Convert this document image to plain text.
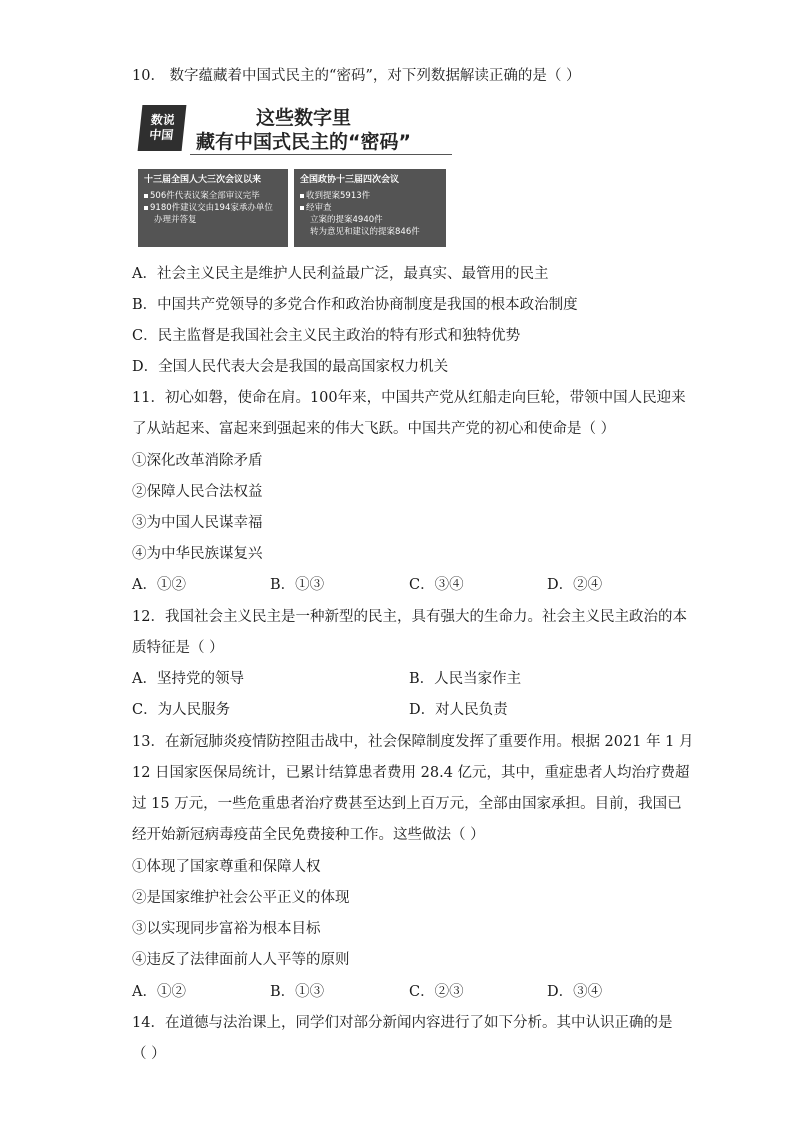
10． 数字蕴藏着中国式民主的“密码”，对下列数据解读正确的是（ ）
数说
中国
这些数字里
藏有中国式民主的“密码”
十三届全国人大三次会议以来
506件代表议案全部审议完毕
9180件建议交由194家承办单位
办理并答复
全国政协十三届四次会议
收到提案5913件
经审查
立案的提案4940件
转为意见和建议的提案846件
A．社会主义民主是维护人民利益最广泛，最真实、最管用的民主
B．中国共产党领导的多党合作和政治协商制度是我国的根本政治制度
C．民主监督是我国社会主义民主政治的特有形式和独特优势
D．全国人民代表大会是我国的最高国家权力机关
11．初心如磐，使命在肩。100年来，中国共产党从红船走向巨轮，带领中国人民迎来
了从站起来、富起来到强起来的伟大飞跃。中国共产党的初心和使命是（ ）
①深化改革消除矛盾
②保障人民合法权益
③为中国人民谋幸福
④为中华民族谋复兴
A．①②	B．①③	C．③④	D．②④
12．我国社会主义民主是一种新型的民主，具有强大的生命力。社会主义民主政治的本
质特征是（ ）
A．坚持党的领导	B．人民当家作主
C．为人民服务	D．对人民负责
13．在新冠肺炎疫情防控阻击战中，社会保障制度发挥了重要作用。根据 2021 年 1 月
12 日国家医保局统计，已累计结算患者费用 28.4 亿元，其中，重症患者人均治疗费超
过 15 万元，一些危重患者治疗费甚至达到上百万元，全部由国家承担。目前，我国已
经开始新冠病毒疫苗全民免费接种工作。这些做法（ ）
①体现了国家尊重和保障人权
②是国家维护社会公平正义的体现
③以实现同步富裕为根本目标
④违反了法律面前人人平等的原则
A．①②	B．①③	C．②③	D．③④
14．在道德与法治课上，同学们对部分新闻内容进行了如下分析。其中认识正确的是
（ ）
